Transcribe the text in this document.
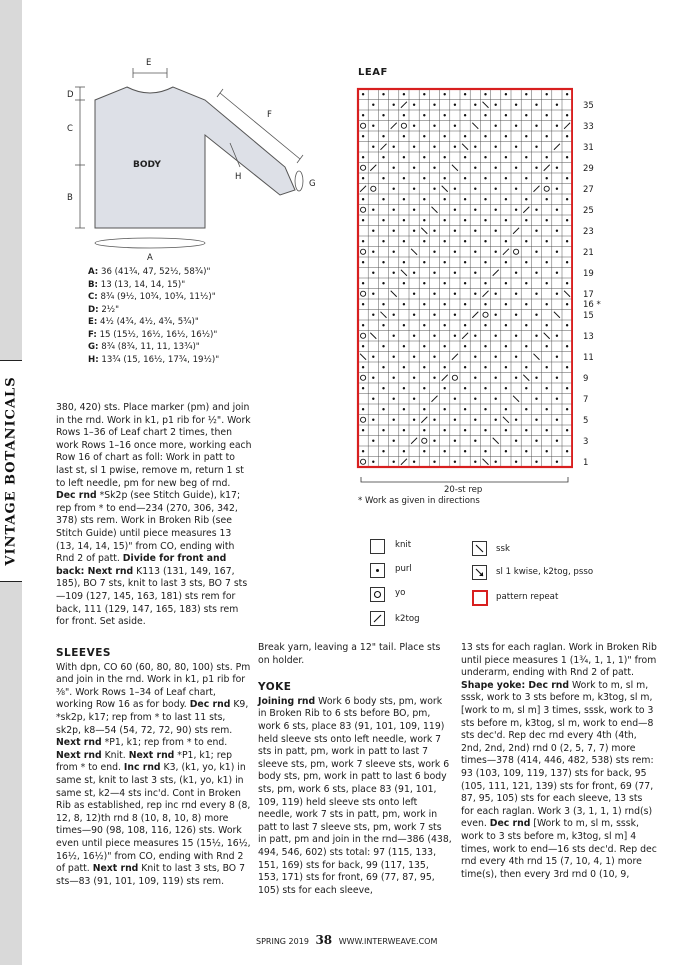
VINTAGE BOTANICALS
BODY
D
C
B
E
F
H
G
A
A: 36 (41¾, 47, 52½, 58¾)"
B: 13 (13, 14, 14, 15)"
C: 8¾ (9½, 10¾, 10¾, 11½)"
D: 2½"
E: 4½ (4¾, 4½, 4¾, 5¾)"
F: 15 (15½, 16½, 16½, 16½)"
G: 8¾ (8¾, 11, 11, 13¾)"
H: 13¾ (15, 16½, 17¾, 19½)"
LEAF
35
33
31
29
27
25
23
21
19
17
16 *
15
13
11
9
7
5
3
1
20-st rep
* Work as given in directions
knit
purl
yo
k2tog
ssk
sl 1 kwise, k2tog, psso
pattern repeat

380, 420) sts. Place marker (pm) and join in the rnd. Work in k1, p1 rib for ½". Work Rows 1–36 of Leaf chart 2 times, then work Rows 1–16 once more, working each Row 16 of chart as foll: Work in patt to last st, sl 1 pwise, remove m, return 1 st to left needle, pm for new beg of rnd. Dec rnd *Sk2p (see Stitch Guide), k17; rep from * to end—234 (270, 306, 342, 378) sts rem. Work in Broken Rib (see Stitch Guide) until piece measures 13 (13, 14, 14, 15)" from CO, ending with Rnd 2 of patt. Divide for front and back: Next rnd K113 (131, 149, 167, 185), BO 7 sts, knit to last 3 sts, BO 7 sts—109 (127, 145, 163, 181) sts rem for back, 111 (129, 147, 165, 183) sts rem for front. Set aside.

SLEEVES

With dpn, CO 60 (60, 80, 80, 100) sts. Pm and join in the rnd. Work in k1, p1 rib for ⅜". Work Rows 1–34 of Leaf chart, working Row 16 as for body. Dec rnd K9, *sk2p, k17; rep from * to last 11 sts, sk2p, k8—54 (54, 72, 72, 90) sts rem. Next rnd *P1, k1; rep from * to end. Next rnd Knit. Next rnd *P1, k1; rep from * to end. Inc rnd K3, (k1, yo, k1) in same st, knit to last 3 sts, (k1, yo, k1) in same st, k2—4 sts inc'd. Cont in Broken Rib as established, rep inc rnd every 8 (8, 12, 8, 12)th rnd 8 (10, 8, 10, 8) more times—90 (98, 108, 116, 126) sts. Work even until piece measures 15 (15½, 16½, 16½, 16½)" from CO, ending with Rnd 2 of patt. Next rnd Knit to last 3 sts, BO 7 sts—83 (91, 101, 109, 119) sts rem.

Break yarn, leaving a 12" tail. Place sts on holder.

YOKE

Joining rnd Work 6 body sts, pm, work in Broken Rib to 6 sts before BO, pm, work 6 sts, place 83 (91, 101, 109, 119) held sleeve sts onto left needle, work 7 sts in patt, pm, work in patt to last 7 sleeve sts, pm, work 7 sleeve sts, work 6 body sts, pm, work in patt to last 6 body sts, pm, work 6 sts, place 83 (91, 101, 109, 119) held sleeve sts onto left needle, work 7 sts in patt, pm, work in patt to last 7 sleeve sts, pm, work 7 sts in patt, pm and join in the rnd—386 (438, 494, 546, 602) sts total: 97 (115, 133, 151, 169) sts for back, 99 (117, 135, 153, 171) sts for front, 69 (77, 87, 95, 105) sts for each sleeve,

13 sts for each raglan. Work in Broken Rib until piece measures 1 (1¾, 1, 1, 1)" from underarm, ending with Rnd 2 of patt. Shape yoke: Dec rnd Work to m, sl m, sssk, work to 3 sts before m, k3tog, sl m, [work to m, sl m] 3 times, sssk, work to 3 sts before m, k3tog, sl m, work to end—8 sts dec'd. Rep dec rnd every 4th (4th, 2nd, 2nd, 2nd) rnd 0 (2, 5, 7, 7) more times—378 (414, 446, 482, 538) sts rem: 93 (103, 109, 119, 137) sts for back, 95 (105, 111, 121, 139) sts for front, 69 (77, 87, 95, 105) sts for each sleeve, 13 sts for each raglan. Work 3 (3, 1, 1, 1) rnd(s) even. Dec rnd [Work to m, sl m, sssk, work to 3 sts before m, k3tog, sl m] 4 times, work to end—16 sts dec'd. Rep dec rnd every 4th rnd 15 (7, 10, 4, 1) more time(s), then every 3rd rnd 0 (10, 9,

SPRING 2019 38 WWW.INTERWEAVE.COM
